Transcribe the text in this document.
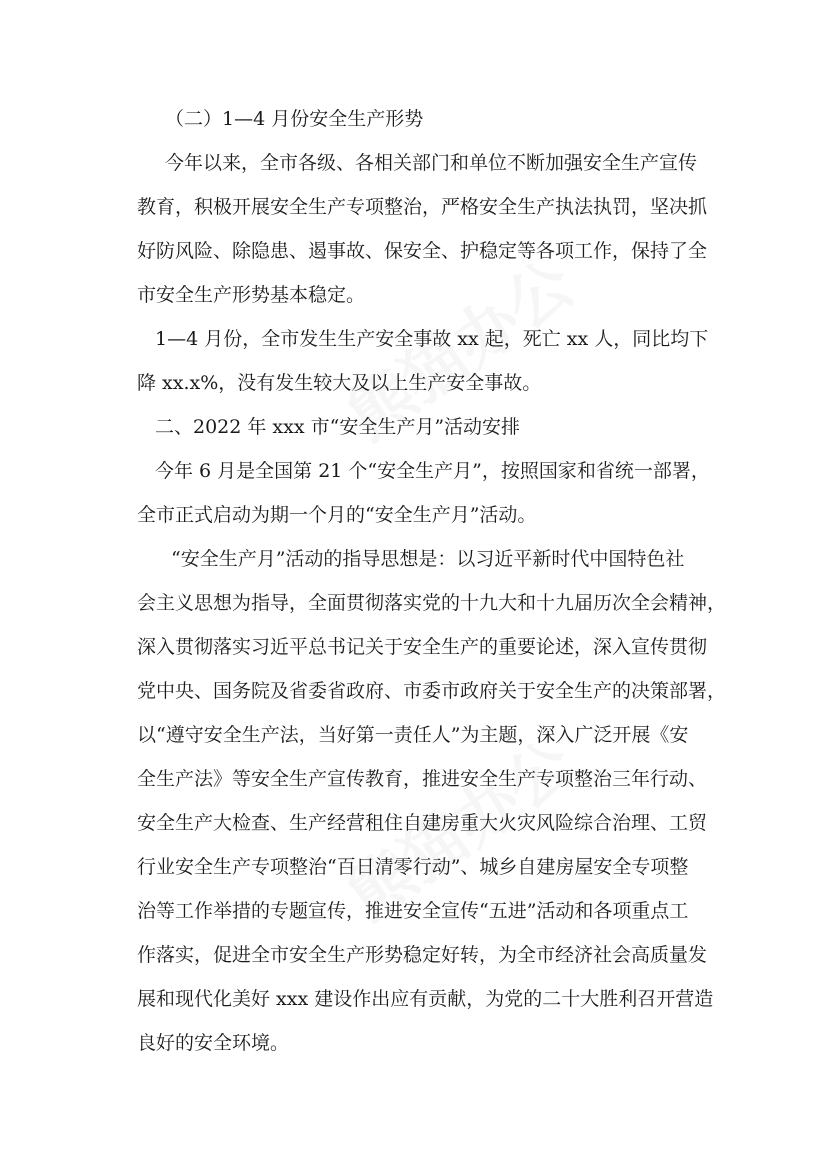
（二）1—4 月份安全生产形势
今年以来，全市各级、各相关部门和单位不断加强安全生产宣传
教育，积极开展安全生产专项整治，严格安全生产执法执罚，坚决抓
好防风险、除隐患、遏事故、保安全、护稳定等各项工作，保持了全
市安全生产形势基本稳定。
1—4 月份，全市发生生产安全事故 xx 起，死亡 xx 人，同比均下
降 xx.x%，没有发生较大及以上生产安全事故。
二、2022 年 xxx 市“安全生产月”活动安排
今年 6 月是全国第 21 个“安全生产月”，按照国家和省统一部署，
全市正式启动为期一个月的“安全生产月”活动。
“安全生产月”活动的指导思想是：以习近平新时代中国特色社
会主义思想为指导，全面贯彻落实党的十九大和十九届历次全会精神，
深入贯彻落实习近平总书记关于安全生产的重要论述，深入宣传贯彻
党中央、国务院及省委省政府、市委市政府关于安全生产的决策部署，
以“遵守安全生产法，当好第一责任人”为主题，深入广泛开展《安
全生产法》等安全生产宣传教育，推进安全生产专项整治三年行动、
安全生产大检查、生产经营租住自建房重大火灾风险综合治理、工贸
行业安全生产专项整治“百日清零行动”、城乡自建房屋安全专项整
治等工作举措的专题宣传，推进安全宣传“五进”活动和各项重点工
作落实，促进全市安全生产形势稳定好转，为全市经济社会高质量发
展和现代化美好 xxx 建设作出应有贡献，为党的二十大胜利召开营造
良好的安全环境。
